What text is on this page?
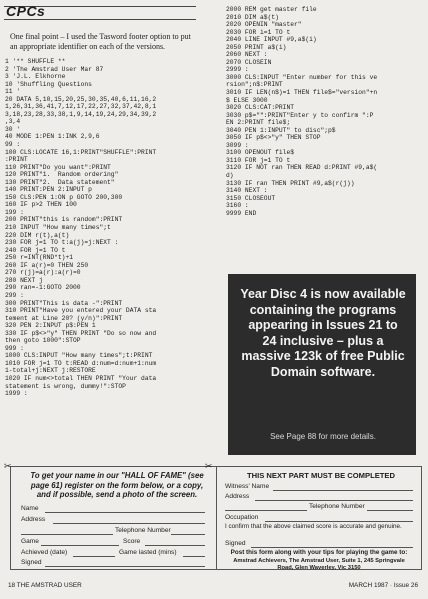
CPCs

One final point – I used the Tasword footer option to put an appropriate identifier on each of the versions.

1 '** SHUFFLE **
2 'The Amstrad User Mar 87
3 'J.L. Elkhorne
10 'Shuffling Questions
11 '
20 DATA 5,10,15,20,25,30,35,40,6,11,16,2
1,26,31,36,41,7,12,17,22,27,32,37,42,8,1
3,18,23,28,33,38,1,9,14,19,24,29,34,39,2
,3,4
30 '
40 MODE 1:PEN 1:INK 2,9,6
99 :
100 CLS:LOCATE 16,1:PRINT"SHUFFLE":PRINT
:PRINT
110 PRINT"Do you want":PRINT
120 PRINT"1.  Random ordering"
130 PRINT"2.  Data statement"
140 PRINT:PEN 2:INPUT p
150 CLS:PEN 1:ON p GOTO 200,300
160 IF p>2 THEN 100
199 :
200 PRINT"this is random":PRINT
210 INPUT "How many times";t
220 DIM r(t),a(t)
230 FOR j=1 TO t:a(j)=j:NEXT :
240 FOR j=1 TO t
250 r=INT(RND*t)+1
260 IF a(r)=0 THEN 250
270 r(j)=a(r):a(r)=0
280 NEXT j
290 ran=-1:GOTO 2000
299 :
300 PRINT"This is data -":PRINT
310 PRINT"Have you entered your DATA sta
tement at Line 20? (y/n)":PRINT
320 PEN 2:INPUT p$:PEN 1
330 IF p$<>"y" THEN PRINT "Do so now and
then goto 1000":STOP
999 :
1000 CLS:INPUT "How many times";t:PRINT
1010 FOR j=1 TO t:READ d:num=d:num+1:num
1-total+j:NEXT j:RESTORE
1020 IF num<>total THEN PRINT "Your data
statement is wrong, dummy!":STOP
1999 :
2000 REM get master file
2010 DIM a$(t)
2020 OPENIN "master"
2030 FOR i=1 TO t
2040 LINE INPUT #9,a$(i)
2050 PRINT a$(i)
2060 NEXT :
2070 CLOSEIN
2999 :
3000 CLS:INPUT "Enter number for this ve
rsion";n$:PRINT
3010 IF LEN(n$)=1 THEN file$="version"+n
$ ELSE 3000
3020 CLS:CAT:PRINT
3030 p$="":PRINT"Enter y to confirm ":P
EN 2:PRINT file$;
3040 PEN 1:INPUT" to disc";p$
3050 IF p$<>"y" THEN STOP
3099 :
3100 OPENOUT file$
3110 FOR j=1 TO t
3120 IF NOT ran THEN READ d:PRINT #9,a$(
d)
3130 IF ran THEN PRINT #9,a$(r(j))
3140 NEXT :
3150 CLOSEOUT
3160 :
9999 END
Year Disc 4 is now available containing the programs appearing in Issues 21 to 24 inclusive – plus a massive 123k of free Public Domain software.
See Page 88 for more details.
✂	✂
To get your name in our "HALL OF FAME" (see page 61) register on the form below, or a copy, and if possible, send a photo of the screen.
Name
Address
Telephone Number
Game	Score
Achieved (date)	Game lasted (mins)
Signed
THIS NEXT PART MUST BE COMPLETED
Witness' Name
Address
Telephone Number
Occupation
I confirm that the above claimed score is accurate and genuine.
Signed
Post this form along with your tips for playing the game to:
Amstrad Achievers, The Amstrad User, Suite 1, 245 Springvale Road, Glen Waverley, Vic 3150
18 THE AMSTRAD USER	MARCH 1987 · Issue 26
